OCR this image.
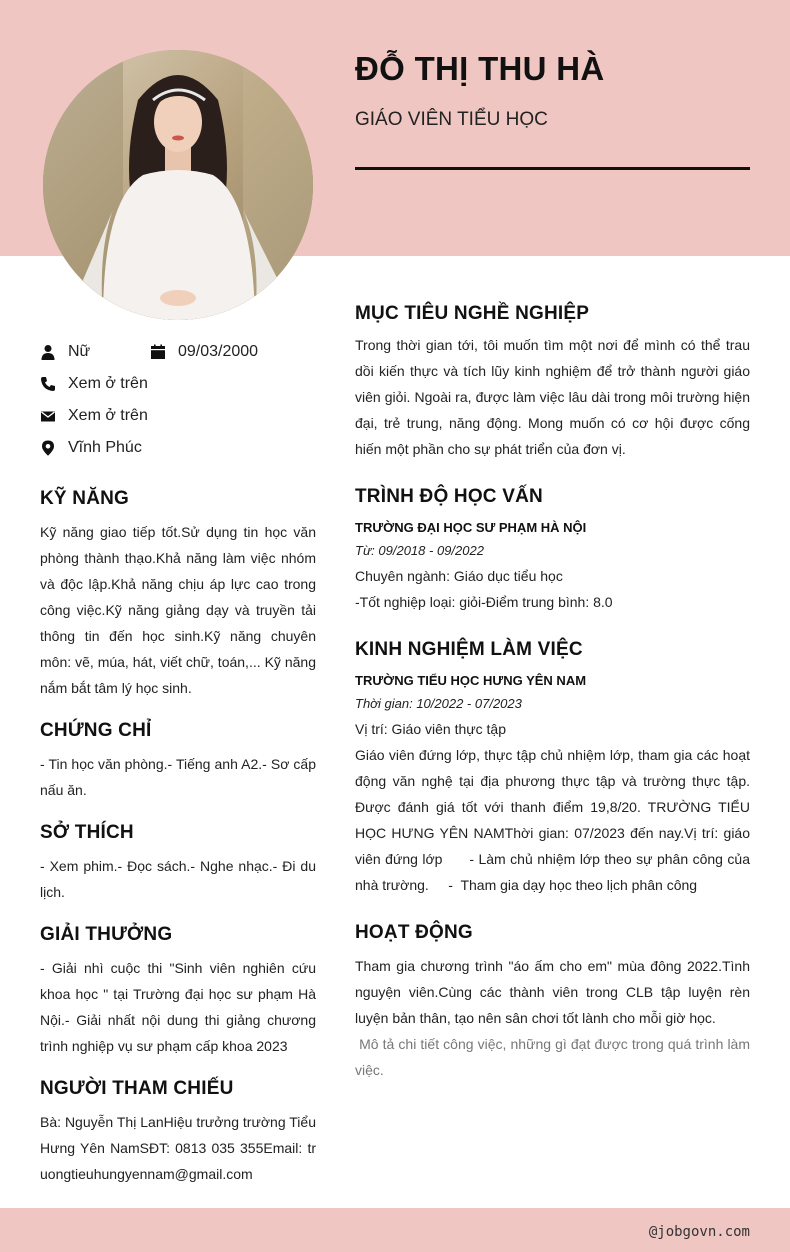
ĐỖ THỊ THU HÀ
GIÁO VIÊN TIỂU HỌC
Nữ	09/03/2000
Xem ở trên
Xem ở trên
Vĩnh Phúc
KỸ NĂNG

Kỹ năng giao tiếp tốt.Sử dụng tin học văn phòng thành thạo.Khả năng làm việc nhóm và độc lập.Khả năng chịu áp lực cao trong công việc.Kỹ năng giảng dạy và truyền tải thông tin đến học sinh.Kỹ năng chuyên môn: vẽ, múa, hát, viết chữ, toán,... Kỹ năng nắm bắt tâm lý học sinh.

CHỨNG CHỈ

- Tin học văn phòng.- Tiếng anh A2.- Sơ cấp nấu ăn.

SỞ THÍCH

- Xem phim.- Đọc sách.- Nghe nhạc.- Đi du lịch.

GIẢI THƯỞNG

- Giải nhì cuộc thi "Sinh viên nghiên cứu khoa học " tại Trường đại học sư phạm Hà Nội.- Giải nhất nội dung thi giảng chương trình nghiệp vụ sư phạm cấp khoa 2023

NGƯỜI THAM CHIẾU

Bà: Nguyễn Thị LanHiệu trưởng trường Tiểu Hưng Yên NamSĐT: 0813 035 355Email: truongtieuhungyennam@gmail.com

MỤC TIÊU NGHỀ NGHIỆP

Trong thời gian tới, tôi muốn tìm một nơi để mình có thể trau dồi kiến thực và tích lũy kinh nghiệm để trở thành người giáo viên giỏi. Ngoài ra, được làm việc lâu dài trong môi trường hiện đại, trẻ trung, năng động. Mong muốn có cơ hội được cống hiến một phần cho sự phát triển của đơn vị.

TRÌNH ĐỘ HỌC VẤN
TRƯỜNG ĐẠI HỌC SƯ PHẠM HÀ NỘI
Từ: 09/2018 - 09/2022
Chuyên ngành: Giáo dục tiểu học
-Tốt nghiệp loại: giỏi-Điểm trung bình: 8.0
KINH NGHIỆM LÀM VIỆC
TRƯỜNG TIỂU HỌC HƯNG YÊN NAM
Thời gian: 10/2022 - 07/2023
Vị trí: Giáo viên thực tập

Giáo viên đứng lớp, thực tập chủ nhiệm lớp, tham gia các hoạt động văn nghệ tại địa phương thực tập và trường thực tập. Được đánh giá tốt với thanh điểm 19,8/20. TRƯỜNG TIỂU HỌC HƯNG YÊN NAMThời gian: 07/2023 đến nay.Vị trí: giáo viên đứng lớp      - Làm chủ nhiệm lớp theo sự phân công của nhà trường.     -  Tham gia dạy học theo lịch phân công

HOẠT ĐỘNG

Tham gia chương trình "áo ấm cho em" mùa đông 2022.Tình nguyện viên.Cùng các thành viên trong CLB tập luyện rèn luyện bản thân, tạo nên sân chơi tốt lành cho mỗi giờ học.

Mô tả chi tiết công việc, những gì đạt được trong quá trình làm việc.

@jobgovn.com
